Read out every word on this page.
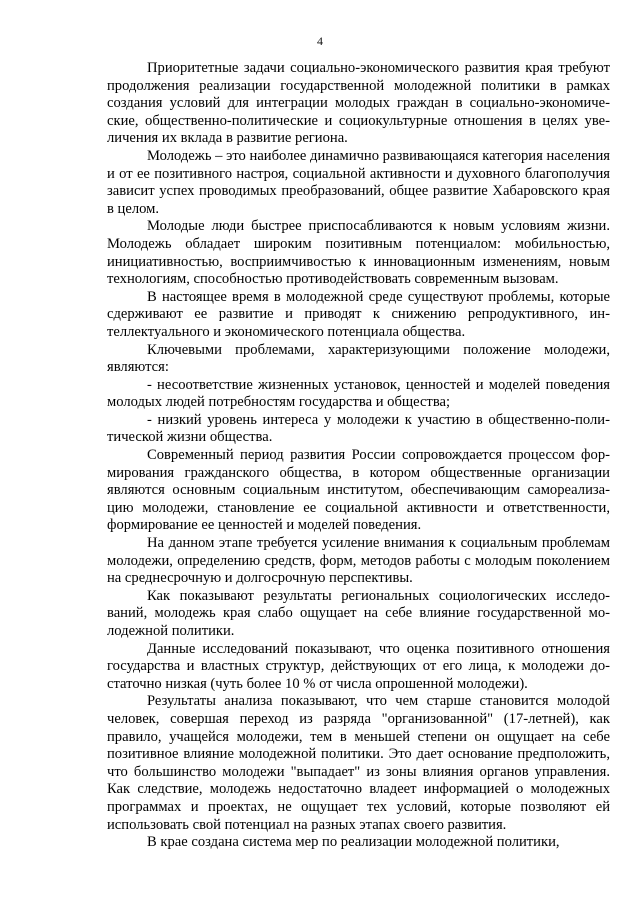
4

Приоритетные задачи социально-экономического развития края требуют продолжения реализации государственной молодежной политики в рамках создания условий для интеграции молодых граждан в социально-экономические, общественно-политические и социокультурные отношения в целях увеличения их вклада в развитие региона.

Молодежь – это наиболее динамично развивающаяся категория населения и от ее позитивного настроя, социальной активности и духовного благополучия зависит успех проводимых преобразований, общее развитие Хабаровского края в целом.

Молодые люди быстрее приспосабливаются к новым условиям жизни. Молодежь обладает широким позитивным потенциалом: мобильностью, инициативностью, восприимчивостью к инновационным изменениям, новым технологиям, способностью противодействовать современным вызовам.

В настоящее время в молодежной среде существуют проблемы, которые сдерживают ее развитие и приводят к снижению репродуктивного, интеллектуального и экономического потенциала общества.

Ключевыми проблемами, характеризующими положение молодежи, являются:

- несоответствие жизненных установок, ценностей и моделей поведения молодых людей потребностям государства и общества;

- низкий уровень интереса у молодежи к участию в общественно-политической жизни общества.

Современный период развития России сопровождается процессом формирования гражданского общества, в котором общественные организации являются основным социальным институтом, обеспечивающим самореализацию молодежи, становление ее социальной активности и ответственности, формирование ее ценностей и моделей поведения.

На данном этапе требуется усиление внимания к социальным проблемам молодежи, определению средств, форм, методов работы с молодым поколением на среднесрочную и долгосрочную перспективы.

Как показывают результаты региональных социологических исследований, молодежь края слабо ощущает на себе влияние государственной молодежной политики.

Данные исследований показывают, что оценка позитивного отношения государства и властных структур, действующих от его лица, к молодежи достаточно низкая (чуть более 10 % от числа опрошенной молодежи).

Результаты анализа показывают, что чем старше становится молодой человек, совершая переход из разряда "организованной" (17-летней), как правило, учащейся молодежи, тем в меньшей степени он ощущает на себе позитивное влияние молодежной политики. Это дает основание предположить, что большинство молодежи "выпадает" из зоны влияния органов управления. Как следствие, молодежь недостаточно владеет информацией о молодежных программах и проектах, не ощущает тех условий, которые позволяют ей использовать свой потенциал на разных этапах своего развития.

В крае создана система мер по реализации молодежной политики,
